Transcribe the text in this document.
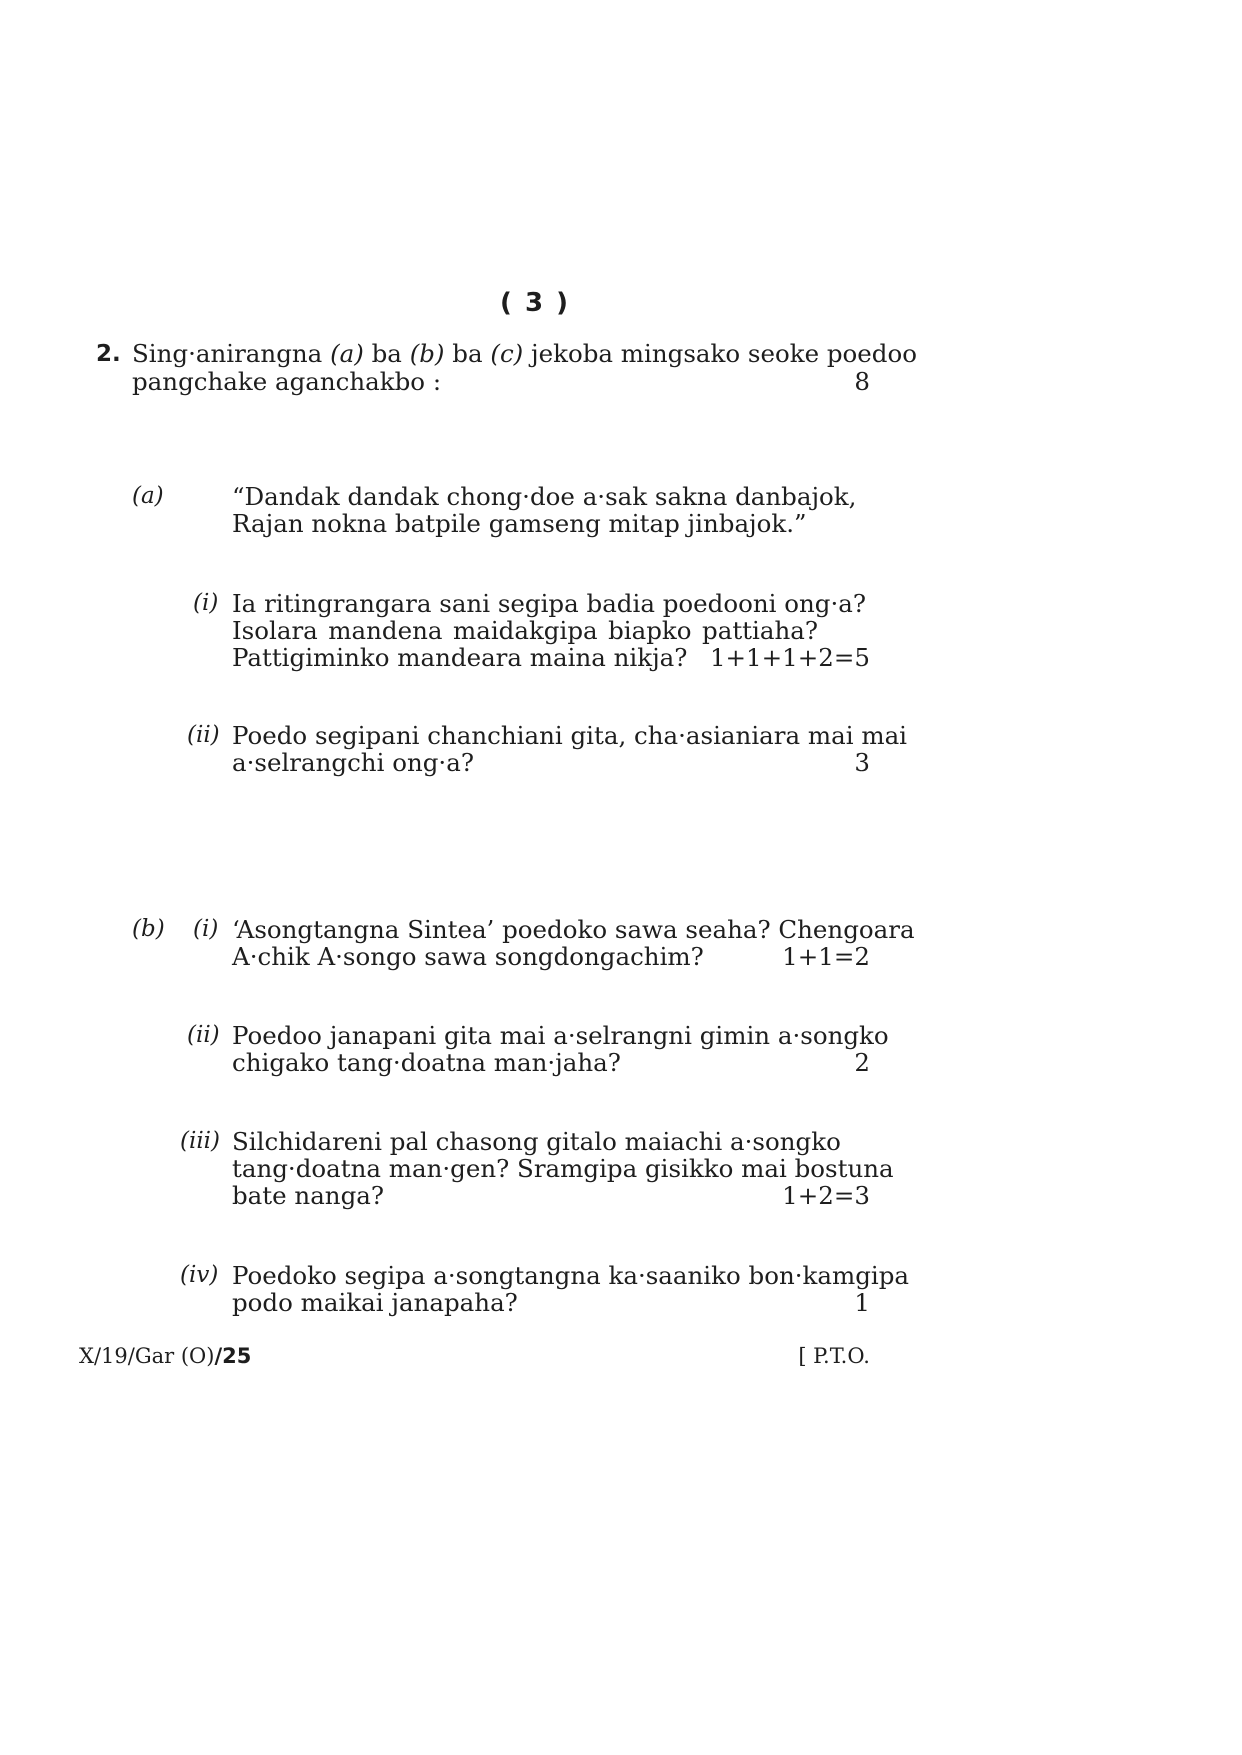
( 3 )
2. Sing·anirangna (a) ba (b) ba (c) jekoba mingsako seoke poedoo
pangchake aganchakbo :	8
(a)	“Dandak dandak chong·doe a·sak sakna danbajok,
Rajan nokna batpile gamseng mitap jinbajok.”
(i) Ia ritingrangara sani segipa badia poedooni ong·a?
Isolara mandena maidakgipa biapko pattiaha?
Pattigiminko mandeara maina nikja? 1+1+1+2=5
(ii) Poedo segipani chanchiani gita, cha·asianiara mai mai
a·selrangchi ong·a?	3
(b) (i) ‘Asongtangna Sintea’ poedoko sawa seaha? Chengoara
A·chik A·songo sawa songdongachim?	1+1=2
(ii) Poedoo janapani gita mai a·selrangni gimin a·songko
chigako tang·doatna man·jaha?	2
(iii) Silchidareni pal chasong gitalo maiachi a·songko
tang·doatna man·gen? Sramgipa gisikko mai bostuna
bate nanga?	1+2=3
(iv) Poedoko segipa a·songtangna ka·saaniko bon·kamgipa
podo maikai janapaha?	1
X/19/Gar (O)/25	[ P.T.O.
